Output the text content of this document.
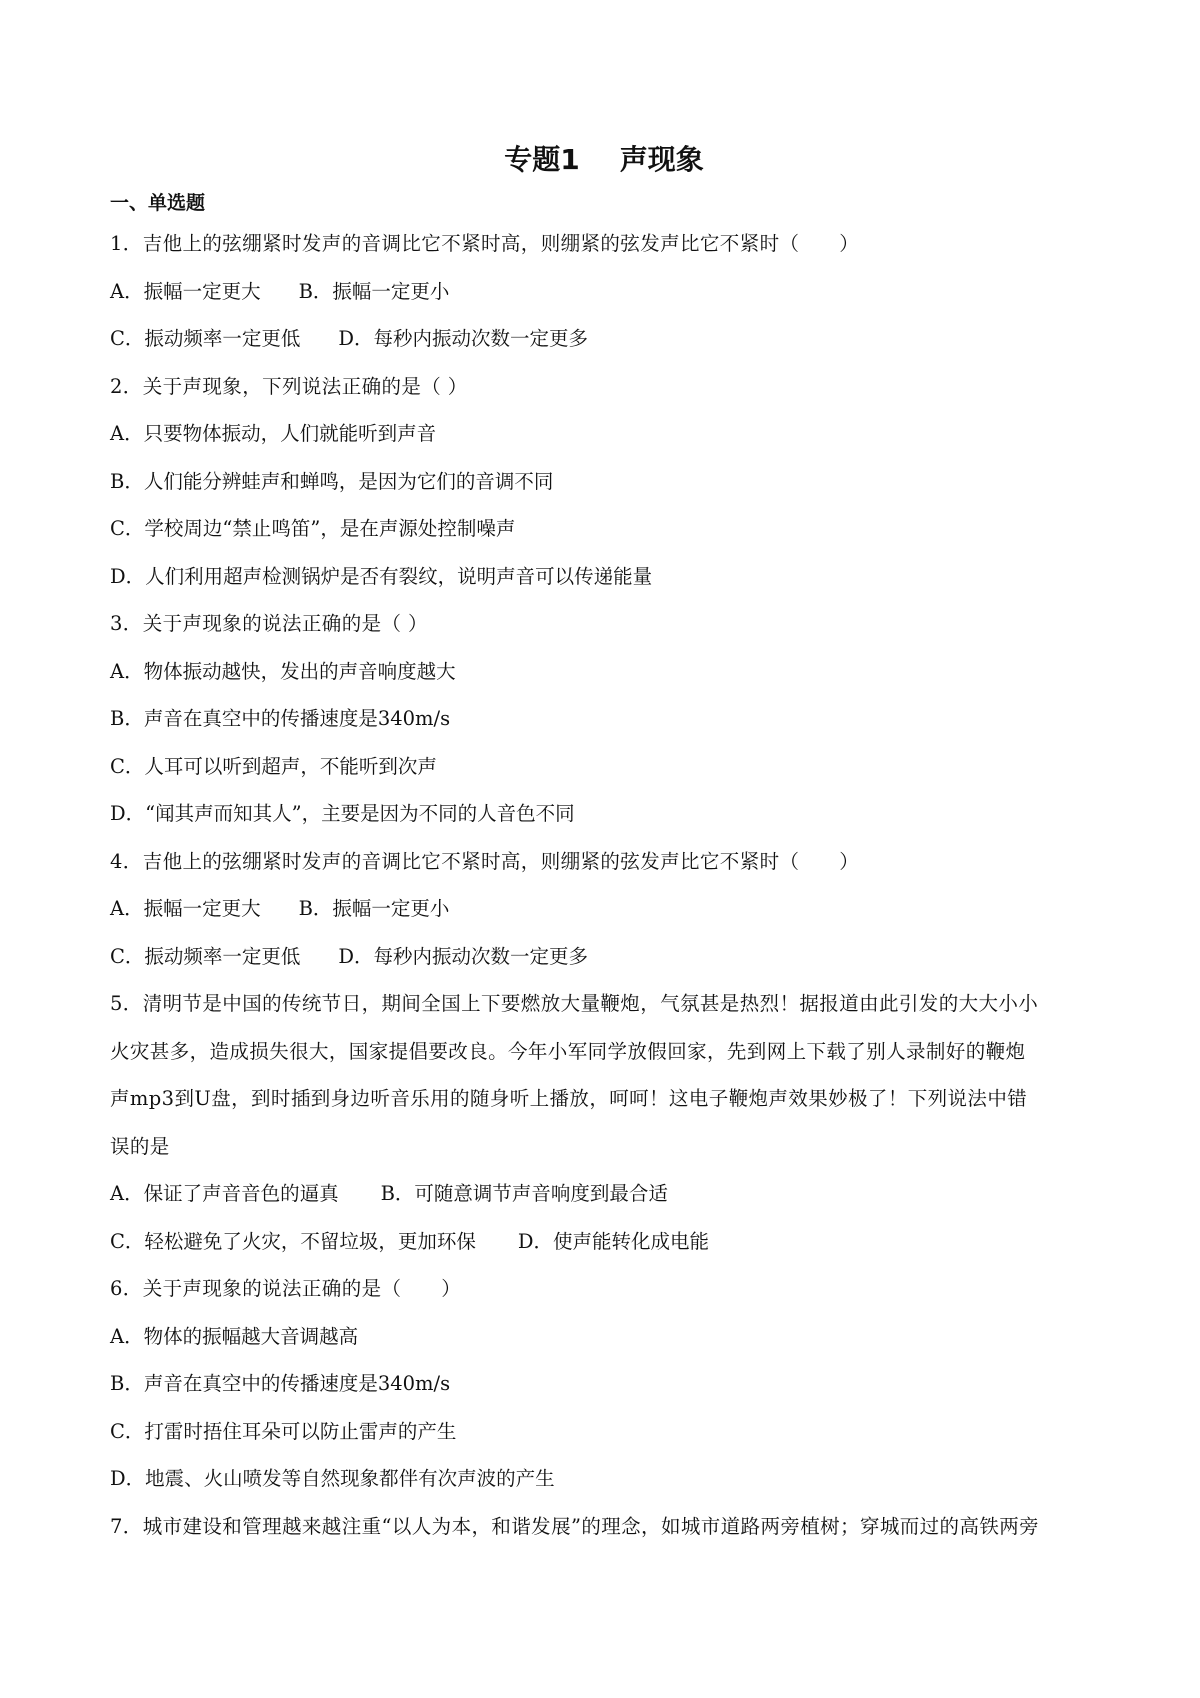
专题1 声现象
一、单选题
1．吉他上的弦绷紧时发声的音调比它不紧时高，则绷紧的弦发声比它不紧时（　　）
A．振幅一定更大 B．振幅一定更小
C．振动频率一定更低 D．每秒内振动次数一定更多
2．关于声现象，下列说法正确的是（ ）
A．只要物体振动，人们就能听到声音
B．人们能分辨蛙声和蝉鸣，是因为它们的音调不同
C．学校周边“禁止鸣笛”，是在声源处控制噪声
D．人们利用超声检测锅炉是否有裂纹，说明声音可以传递能量
3．关于声现象的说法正确的是（ ）
A．物体振动越快，发出的声音响度越大
B．声音在真空中的传播速度是340m/s
C．人耳可以听到超声，不能听到次声
D．“闻其声而知其人”，主要是因为不同的人音色不同
4．吉他上的弦绷紧时发声的音调比它不紧时高，则绷紧的弦发声比它不紧时（　　）
A．振幅一定更大 B．振幅一定更小
C．振动频率一定更低 D．每秒内振动次数一定更多
5．清明节是中国的传统节日，期间全国上下要燃放大量鞭炮，气氛甚是热烈！据报道由此引发的大大小小
火灾甚多，造成损失很大，国家提倡要改良。今年小军同学放假回家，先到网上下载了别人录制好的鞭炮
声mp3到U盘，到时插到身边听音乐用的随身听上播放，呵呵！这电子鞭炮声效果妙极了！下列说法中错
误的是
A．保证了声音音色的逼真 B．可随意调节声音响度到最合适
C．轻松避免了火灾，不留垃圾，更加环保 D．使声能转化成电能
6．关于声现象的说法正确的是（　　）
A．物体的振幅越大音调越高
B．声音在真空中的传播速度是340m/s
C．打雷时捂住耳朵可以防止雷声的产生
D．地震、火山喷发等自然现象都伴有次声波的产生
7．城市建设和管理越来越注重“以人为本，和谐发展”的理念，如城市道路两旁植树；穿城而过的高铁两旁
